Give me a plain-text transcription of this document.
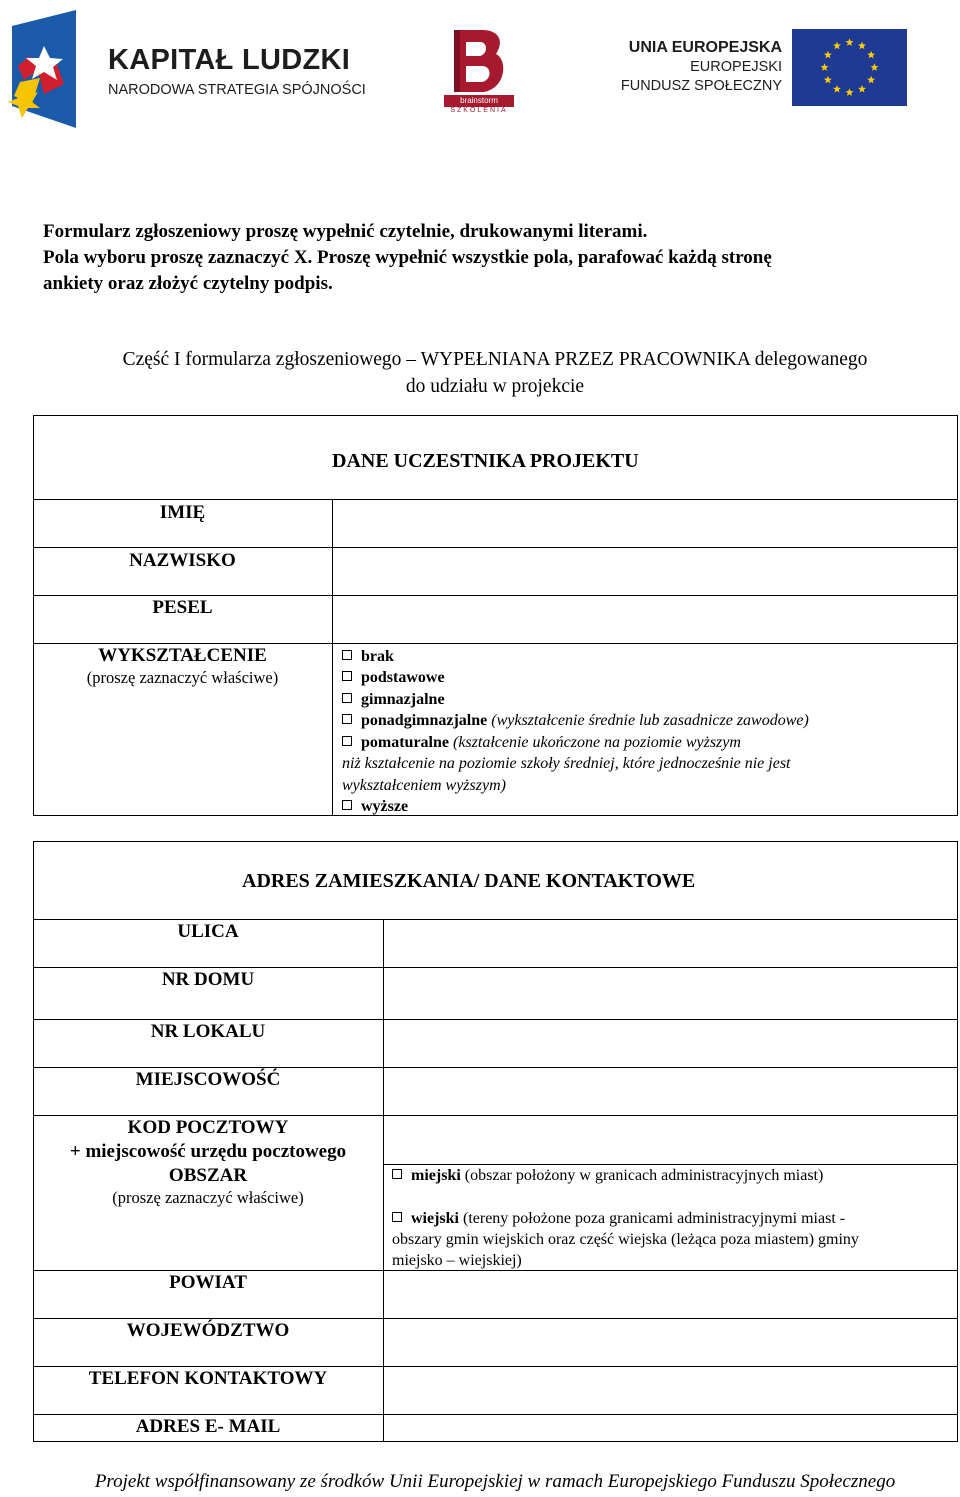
KAPITAŁ LUDZKI
NARODOWA STRATEGIA SPÓJNOŚCI
brainstorm
SZKOLENIA
UNIA EUROPEJSKA
EUROPEJSKI
FUNDUSZ SPOŁECZNY
Formularz zgłoszeniowy proszę wypełnić czytelnie, drukowanymi literami.
Pola wyboru proszę zaznaczyć X. Proszę wypełnić wszystkie pola, parafować każdą stronę
ankiety oraz złożyć czytelny podpis.
Część I formularza zgłoszeniowego – WYPEŁNIANA PRZEZ PRACOWNIKA delegowanego
do udziału w projekcie
DANE UCZESTNIKA PROJEKTU
IMIĘ
NAZWISKO
PESEL
WYKSZTAŁCENIE
(proszę zaznaczyć właściwe)
brak
podstawowe
gimnazjalne
ponadgimnazjalne (wykształcenie średnie lub zasadnicze zawodowe)
pomaturalne (kształcenie ukończone na poziomie wyższym
niż kształcenie na poziomie szkoły średniej, które jednocześnie nie jest
wykształceniem wyższym)
wyższe
ADRES ZAMIESZKANIA/ DANE KONTAKTOWE
ULICA
NR DOMU
NR LOKALU
MIEJSCOWOŚĆ
KOD POCZTOWY
+ miejscowość urzędu pocztowego
OBSZAR
(proszę zaznaczyć właściwe)
miejski (obszar położony w granicach administracyjnych miast)
wiejski (tereny położone poza granicami administracyjnymi miast -
obszary gmin wiejskich oraz część wiejska (leżąca poza miastem) gminy
miejsko – wiejskiej)
POWIAT
WOJEWÓDZTWO
TELEFON KONTAKTOWY
ADRES E- MAIL
Projekt współfinansowany ze środków Unii Europejskiej w ramach Europejskiego Funduszu Społecznego
